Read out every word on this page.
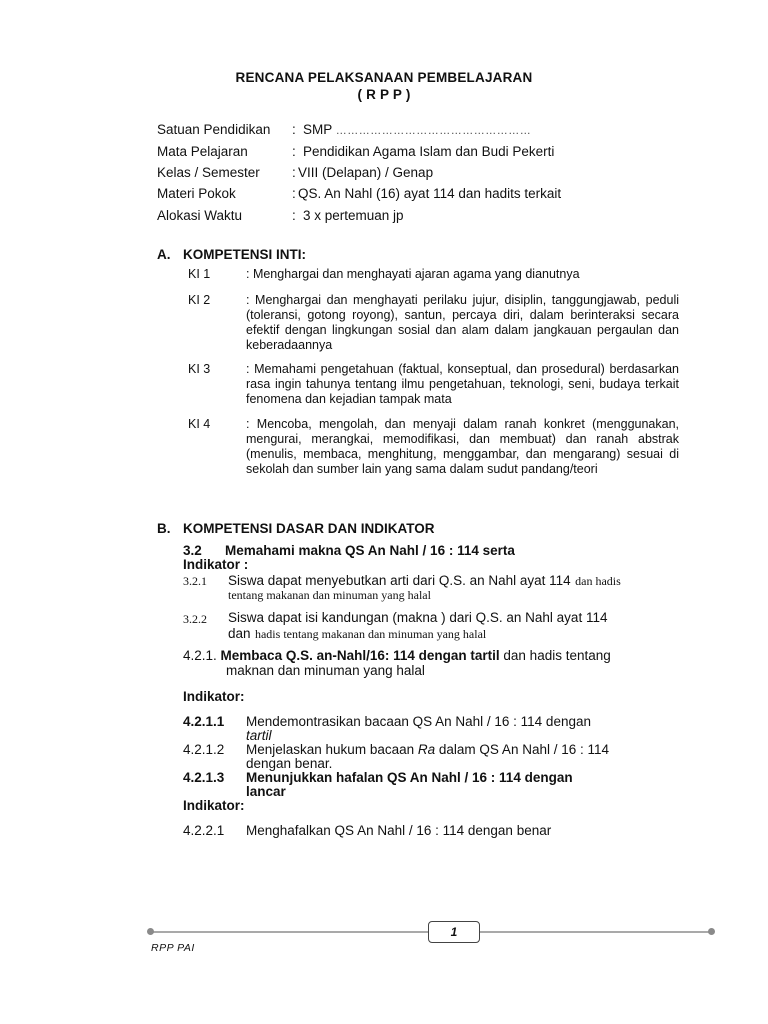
RENCANA PELAKSANAAN PEMBELAJARAN
( R P P )
Satuan Pendidikan : SMP ……………………………………………
Mata Pelajaran	: Pendidikan Agama Islam dan Budi Pekerti
Kelas / Semester : VIII (Delapan) / Genap
Materi Pokok	: QS. An Nahl (16) ayat 114 dan hadits terkait
Alokasi Waktu	: 3 x pertemuan jp
A. KOMPETENSI INTI:
KI 1	: Menghargai dan menghayati ajaran agama yang dianutnya
KI 2	: Menghargai dan menghayati perilaku jujur, disiplin, tanggungjawab, peduli (toleransi, gotong royong), santun, percaya diri, dalam berinteraksi secara efektif dengan lingkungan sosial dan alam dalam jangkauan pergaulan dan keberadaannya
KI 3	: Memahami pengetahuan (faktual, konseptual, dan prosedural) berdasarkan rasa ingin tahunya tentang ilmu pengetahuan, teknologi, seni, budaya terkait fenomena dan kejadian tampak mata
KI 4	: Mencoba, mengolah, dan menyaji dalam ranah konkret (menggunakan, mengurai, merangkai, memodifikasi, dan membuat) dan ranah abstrak (menulis, membaca, menghitung, menggambar, dan mengarang) sesuai di sekolah dan sumber lain yang sama dalam sudut pandang/teori
B. KOMPETENSI DASAR DAN INDIKATOR
3.2 Memahami makna QS An Nahl / 16 : 114 serta
Indikator :
3.2.1 Siswa dapat menyebutkan arti dari Q.S. an Nahl ayat 114 dan hadis
tentang makanan dan minuman yang halal
3.2.2 Siswa dapat isi kandungan (makna ) dari Q.S. an Nahl ayat 114
dan hadis tentang makanan dan minuman yang halal
4.2.1. Membaca Q.S. an-Nahl/16: 114 dengan tartil dan hadis tentang
maknan dan minuman yang halal
Indikator:
4.2.1.1 Mendemontrasikan bacaan QS An Nahl / 16 : 114 dengan
tartil
4.2.1.2 Menjelaskan hukum bacaan Ra dalam QS An Nahl / 16 : 114
dengan benar.
4.2.1.3 Menunjukkan hafalan QS An Nahl / 16 : 114 dengan
lancar
Indikator:
4.2.2.1 Menghafalkan QS An Nahl / 16 : 114 dengan benar
1
RPP PAI
